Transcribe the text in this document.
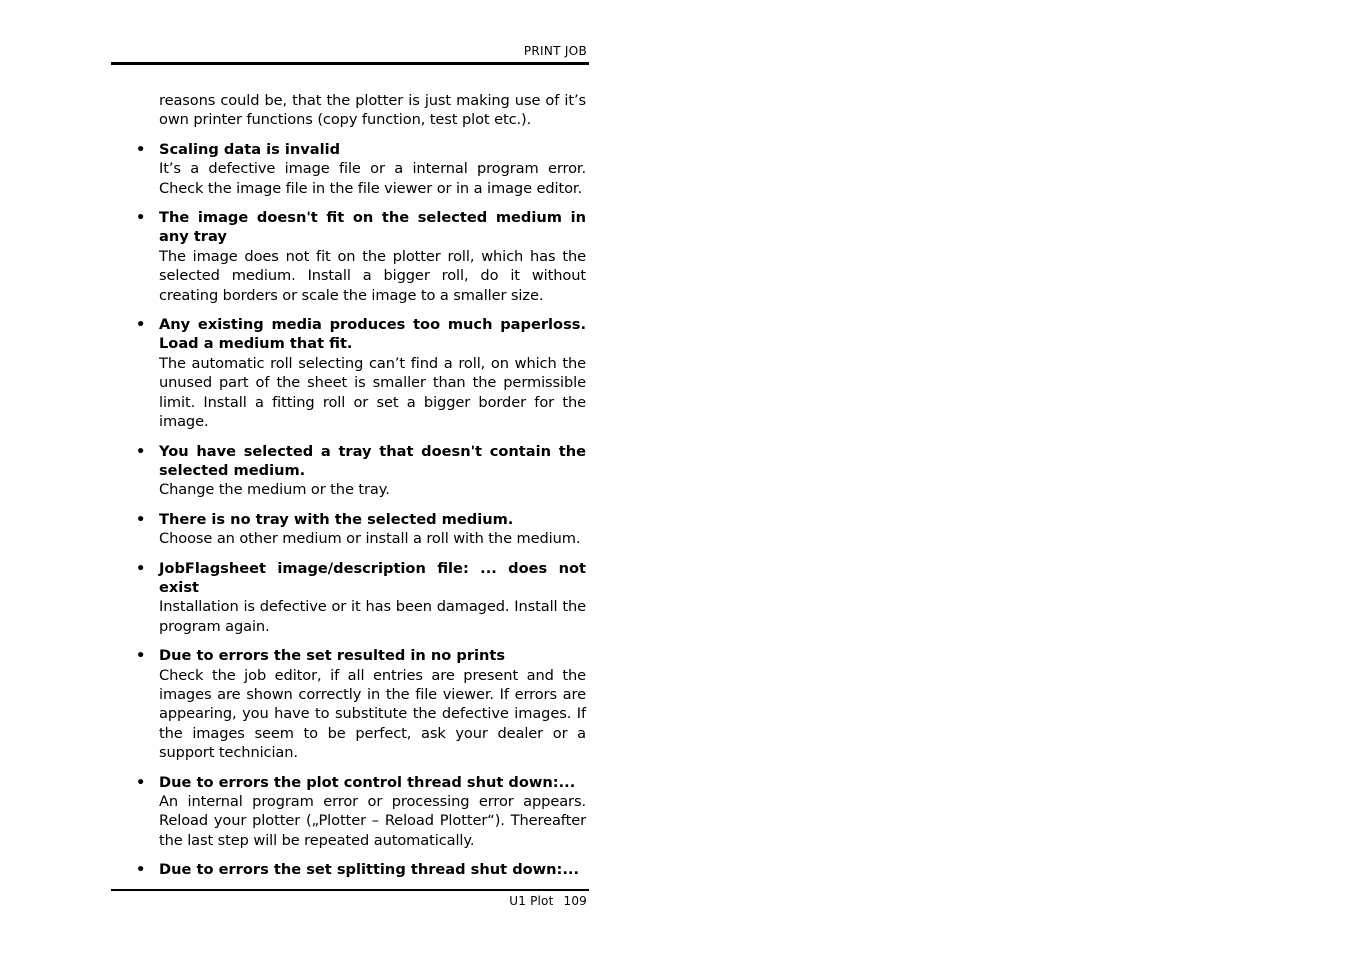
PRINT JOB

reasons could be, that the plotter is just making use of it’s own printer functions (copy function, test plot etc.).

• Scaling data is invalid

It’s a defective image file or a internal program error. Check the image file in the file viewer or in a image editor.

• The image doesn't fit on the selected medium in any tray

The image does not fit on the plotter roll, which has the selected medium. Install a bigger roll, do it without creating borders or scale the image to a smaller size.

• Any existing media produces too much paperloss. Load a medium that fit.

The automatic roll selecting can’t find a roll, on which the unused part of the sheet is smaller than the permissible limit. Install a fitting roll or set a bigger border for the image.

• You have selected a tray that doesn't contain the selected medium.

Change the medium or the tray.

• There is no tray with the selected medium.

Choose an other medium or install a roll with the medium.

• JobFlagsheet image/description file: ... does not exist

Installation is defective or it has been damaged. Install the program again.

• Due to errors the set resulted in no prints

Check the job editor, if all entries are present and the images are shown correctly in the file viewer. If errors are appearing, you have to substitute the defective images. If the images seem to be perfect, ask your dealer or a support technician.

• Due to errors the plot control thread shut down:...

An internal program error or processing error appears. Reload your plotter („Plotter – Reload Plotter“). Thereafter the last step will be repeated automatically.

• Due to errors the set splitting thread shut down:...

U1 Plot 109
